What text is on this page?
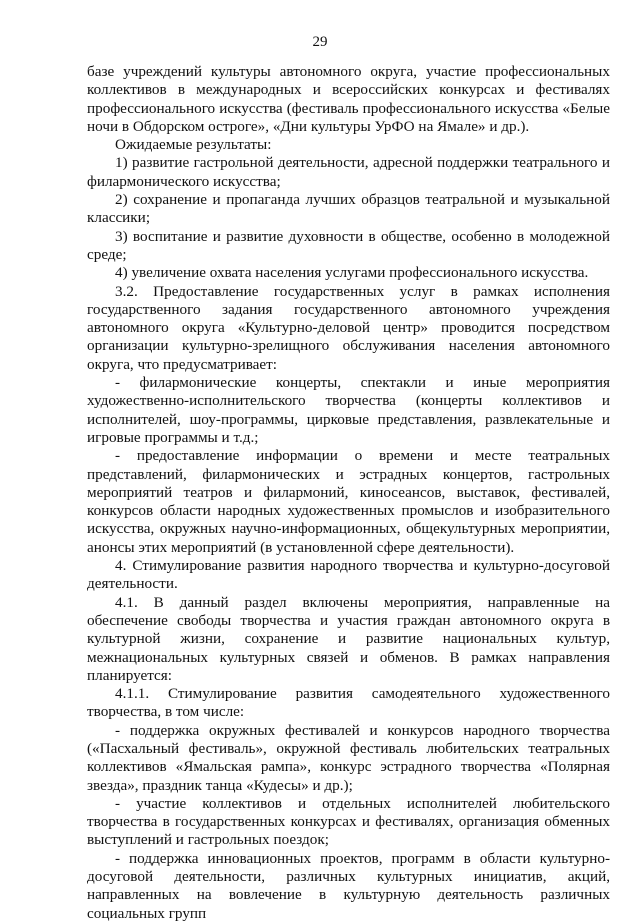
29

базе учреждений культуры автономного округа, участие профессиональных коллективов в международных и всероссийских конкурсах и фестивалях профессионального искусства (фестиваль профессионального искусства «Белые ночи в Обдорском остроге», «Дни культуры УрФО на Ямале» и др.).

Ожидаемые результаты:

1) развитие гастрольной деятельности, адресной поддержки театрального и филармонического искусства;

2) сохранение и пропаганда лучших образцов театральной и музыкальной классики;

3) воспитание и развитие духовности в обществе, особенно в молодежной среде;

4) увеличение охвата населения услугами профессионального искусства.

3.2. Предоставление государственных услуг в рамках исполнения государственного задания государственного автономного учреждения автономного округа «Культурно-деловой центр» проводится посредством организации культурно-зрелищного обслуживания населения автономного округа, что предусматривает:

- филармонические концерты, спектакли и иные мероприятия художественно-исполнительского творчества (концерты коллективов и исполнителей, шоу-программы, цирковые представления, развлекательные и игровые программы и т.д.;

- предоставление информации о времени и месте театральных представлений, филармонических и эстрадных концертов, гастрольных мероприятий театров и филармоний, киносеансов, выставок, фестивалей, конкурсов области народных художественных промыслов и изобразительного искусства, окружных научно-информационных, общекультурных мероприятии, анонсы этих мероприятий (в установленной сфере деятельности).

4. Стимулирование развития народного творчества и культурно-досуговой деятельности.

4.1. В данный раздел включены мероприятия, направленные на обеспечение свободы творчества и участия граждан автономного округа в культурной жизни, сохранение и развитие национальных культур, межнациональных культурных связей и обменов. В рамках направления планируется:

4.1.1. Стимулирование развития самодеятельного художественного творчества, в том числе:

- поддержка окружных фестивалей и конкурсов народного творчества («Пасхальный фестиваль», окружной фестиваль любительских театральных коллективов «Ямальская рампа», конкурс эстрадного творчества «Полярная звезда», праздник танца «Кудесы» и др.);

- участие коллективов и отдельных исполнителей любительского творчества в государственных конкурсах и фестивалях, организация обменных выступлений и гастрольных поездок;

- поддержка инновационных проектов, программ в области культурно-досуговой деятельности, различных культурных инициатив, акций, направленных на вовлечение в культурную деятельность различных социальных групп
